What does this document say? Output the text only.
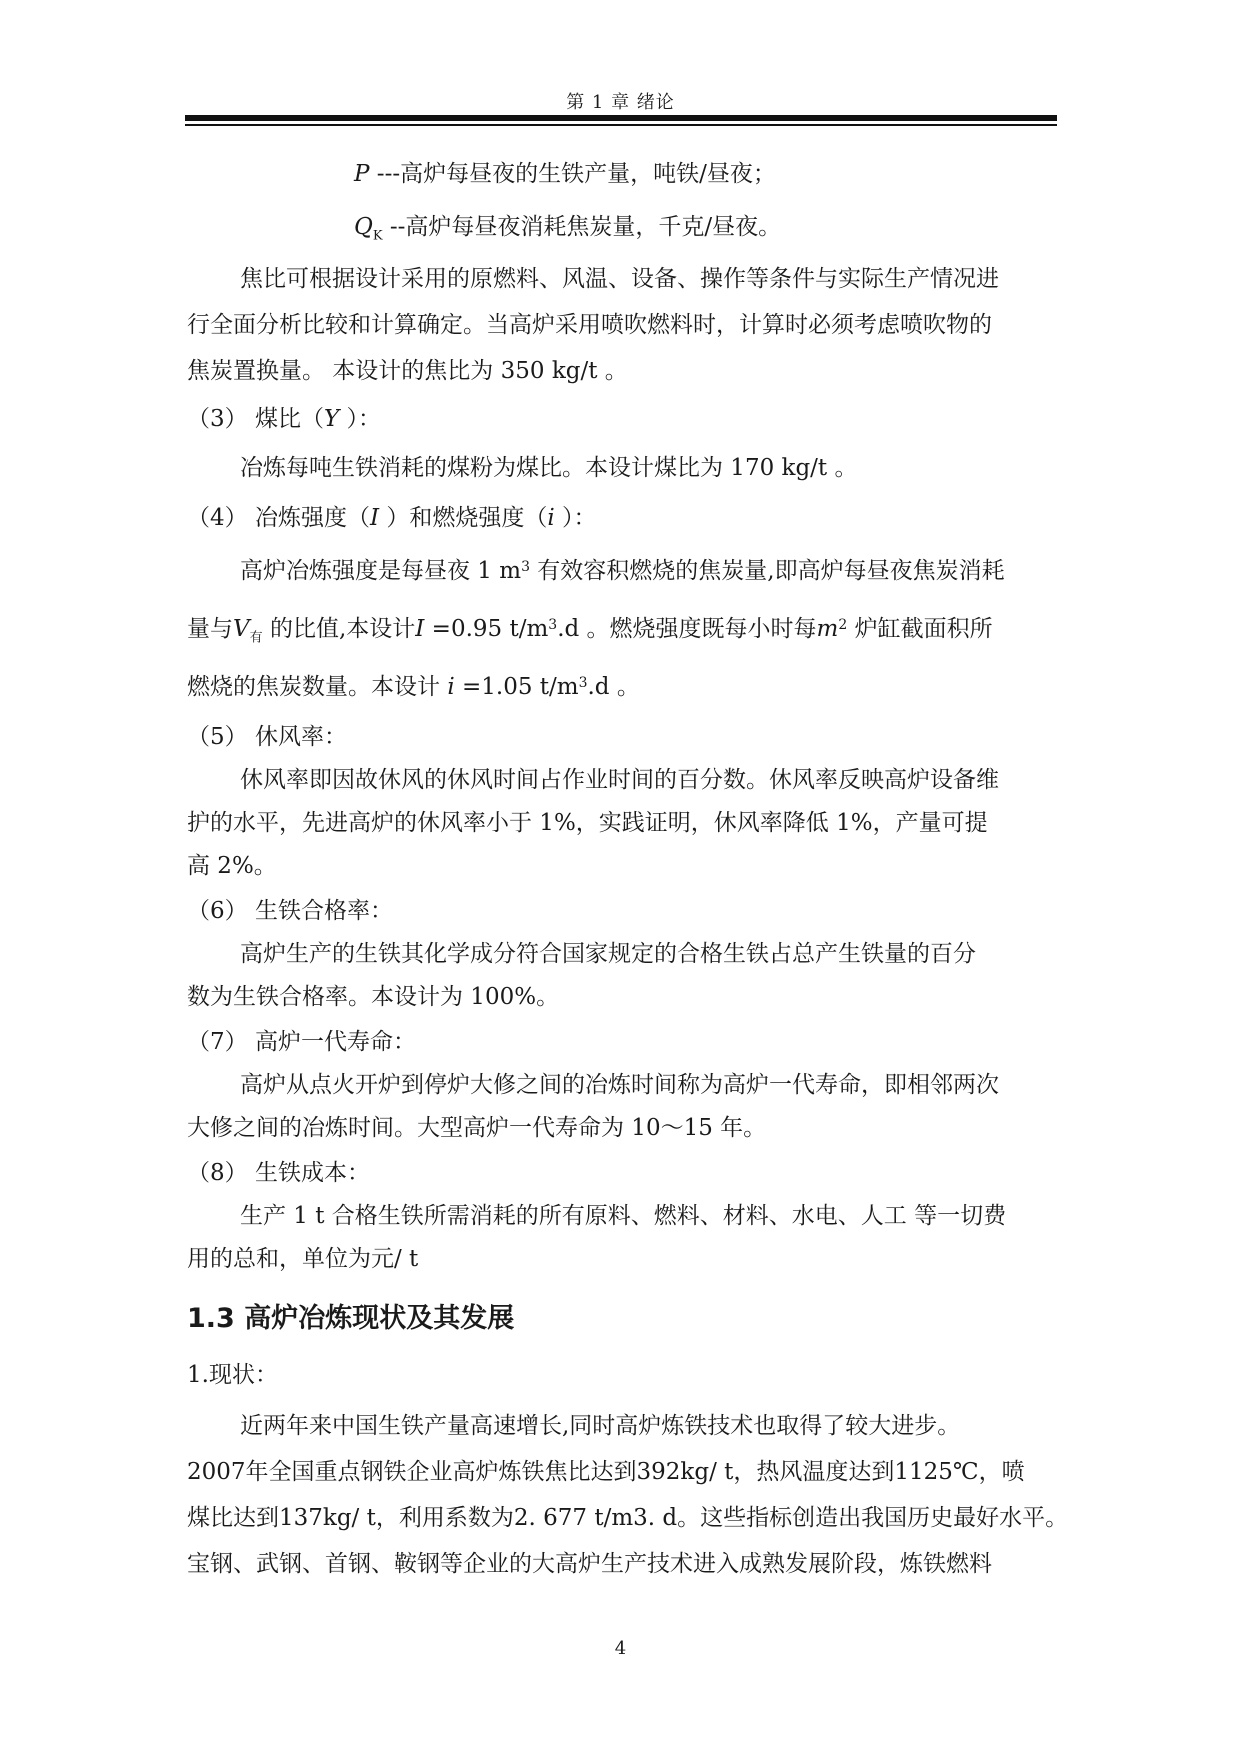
第 1 章 绪论
P ---高炉每昼夜的生铁产量，吨铁/昼夜；
$Q_K$ --高炉每昼夜消耗焦炭量，千克/昼夜。
焦比可根据设计采用的原燃料、风温、设备、操作等条件与实际生产情况进
行全面分析比较和计算确定。当高炉采用喷吹燃料时，计算时必须考虑喷吹物的
焦炭置换量。 本设计的焦比为 350 kg/t 。
（3） 煤比（Y ）：
冶炼每吨生铁消耗的煤粉为煤比。本设计煤比为 170 kg/t 。
（4） 冶炼强度（I ）和燃烧强度（i ）：
高炉冶炼强度是每昼夜 1 $m^3$ 有效容积燃烧的焦炭量,即高炉每昼夜焦炭消耗
量与$V_有$ 的比值,本设计I =0.95 $t/m^3.d$ 。燃烧强度既每小时每$m^2$ 炉缸截面积所
燃烧的焦炭数量。本设计 i =1.05 $t/m^3.d$ 。
（5） 休风率：
休风率即因故休风的休风时间占作业时间的百分数。休风率反映高炉设备维
护的水平，先进高炉的休风率小于 1%，实践证明，休风率降低 1%，产量可提
高 2%。
（6） 生铁合格率：
高炉生产的生铁其化学成分符合国家规定的合格生铁占总产生铁量的百分
数为生铁合格率。本设计为 100%。
（7） 高炉一代寿命：
高炉从点火开炉到停炉大修之间的冶炼时间称为高炉一代寿命，即相邻两次
大修之间的冶炼时间。大型高炉一代寿命为 10～15 年。
（8） 生铁成本：
生产 1 t 合格生铁所需消耗的所有原料、燃料、材料、水电、人工 等一切费
用的总和，单位为元/ t
1.3 高炉冶炼现状及其发展
1.现状：
近两年来中国生铁产量高速增长,同时高炉炼铁技术也取得了较大进步。
2007年全国重点钢铁企业高炉炼铁焦比达到392kg/ t，热风温度达到1125℃，喷
煤比达到137kg/ t，利用系数为2. 677 t/m3. d。这些指标创造出我国历史最好水平。
宝钢、武钢、首钢、鞍钢等企业的大高炉生产技术进入成熟发展阶段，炼铁燃料
4
